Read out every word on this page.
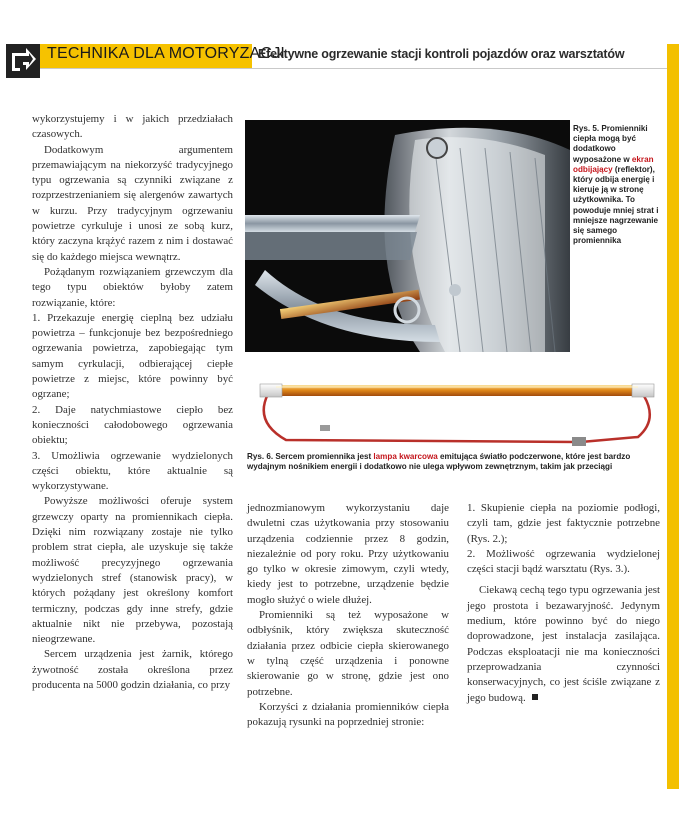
TECHNIKA DLA MOTORYZACJI
Efektywne ogrzewanie stacji kontroli pojazdów oraz warsztatów

wykorzystujemy i w jakich przedziałach czasowych.

Dodatkowym argumentem przemawiającym na niekorzyść tradycyjnego typu ogrzewania są czynniki związane z rozprzestrzenianiem się alergenów zawartych w kurzu. Przy tradycyjnym ogrzewaniu powietrze cyrkuluje i unosi ze sobą kurz, który zaczyna krążyć razem z nim i dostawać się do każdego miejsca wewnątrz.

Pożądanym rozwiązaniem grzewczym dla tego typu obiektów byłoby zatem rozwiązanie, które:

1. Przekazuje energię cieplną bez udziału powietrza – funkcjonuje bez bezpośredniego ogrzewania powietrza, zapobiegając tym samym cyrkulacji, odbierającej ciepłe powietrze z miejsc, które powinny być ogrzane;

2. Daje natychmiastowe ciepło bez konieczności całodobowego ogrzewania obiektu;

3. Umożliwia ogrzewanie wydzielonych części obiektu, które aktualnie są wykorzystywane.

Powyższe możliwości oferuje system grzewczy oparty na promiennikach ciepła. Dzięki nim rozwiązany zostaje nie tylko problem strat ciepła, ale uzyskuje się także możliwość precyzyjnego ogrzewania wydzielonych stref (stanowisk pracy), w których pożądany jest określony komfort termiczny, podczas gdy inne strefy, gdzie aktualnie nikt nie przebywa, pozostają nieogrzewane.

Sercem urządzenia jest żarnik, którego żywotność została określona przez producenta na 5000 godzin działania, co przy

Rys. 5. Promienniki ciepła mogą być dodatkowo wyposażone w ekran odbijający (reflektor), który odbija energię i kieruje ją w stronę użytkownika. To powoduje mniej strat i mniejsze nagrzewanie się samego promiennika
Rys. 6. Sercem promiennika jest lampa kwarcowa emitująca światło podczerwone, które jest bardzo wydajnym nośnikiem energii i dodatkowo nie ulega wpływom zewnętrznym, takim jak przeciągi

jednozmianowym wykorzystaniu daje dwuletni czas użytkowania przy stosowaniu urządzenia codziennie przez 8 godzin, niezależnie od pory roku. Przy użytkowaniu go tylko w okresie zimowym, czyli wtedy, kiedy jest to potrzebne, urządzenie będzie mogło służyć o wiele dłużej.

Promienniki są też wyposażone w odbłyśnik, który zwiększa skuteczność działania przez odbicie ciepła skierowanego w tylną część urządzenia i ponowne skierowanie go w stronę, gdzie jest ono potrzebne.

Korzyści z działania promienników ciepła pokazują rysunki na poprzedniej stronie:

1. Skupienie ciepła na poziomie podłogi, czyli tam, gdzie jest faktycznie potrzebne (Rys. 2.);

2. Możliwość ogrzewania wydzielonej części stacji bądź warsztatu (Rys. 3.).

Ciekawą cechą tego typu ogrzewania jest jego prostota i bezawaryjność. Jedynym medium, które powinno być do niego doprowadzone, jest instalacja zasilająca. Podczas eksploatacji nie ma konieczności przeprowadzania czynności konserwacyjnych, co jest ściśle związane z jego budową.
